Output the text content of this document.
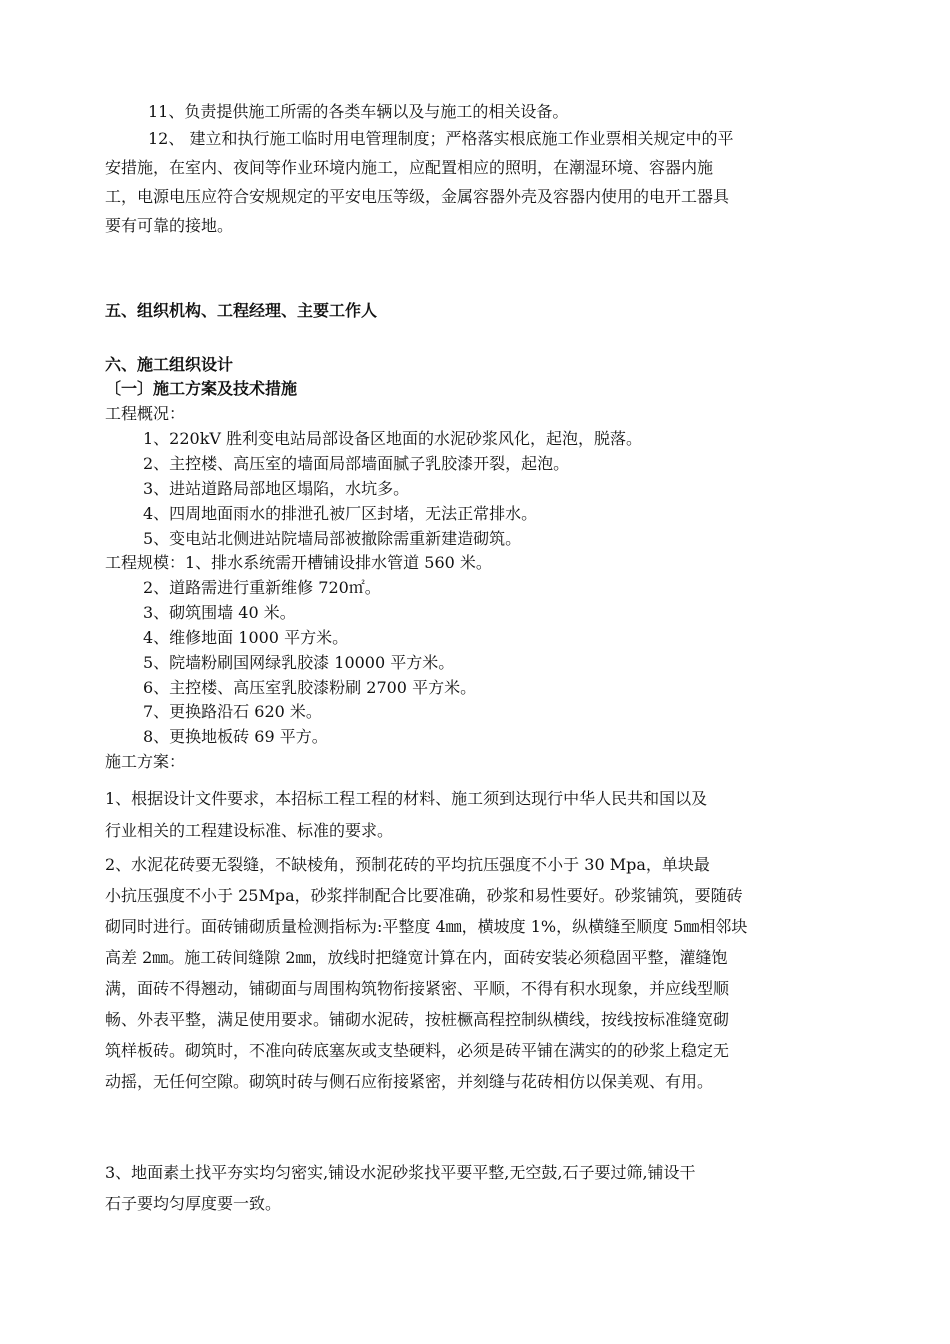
11、负责提供施工所需的各类车辆以及与施工的相关设备。

12、 建立和执行施工临时用电管理制度；严格落实根底施工作业票相关规定中的平

安措施，在室内、夜间等作业环境内施工，应配置相应的照明，在潮湿环境、容器内施

工，电源电压应符合安规规定的平安电压等级，金属容器外壳及容器内使用的电开工器具

要有可靠的接地。

五、组织机构、工程经理、主要工作人
六、施工组织设计
〔一〕施工方案及技术措施
工程概况：
1、220kV 胜利变电站局部设备区地面的水泥砂浆风化，起泡，脱落。
2、主控楼、高压室的墙面局部墙面腻子乳胶漆开裂，起泡。
3、进站道路局部地区塌陷，水坑多。
4、四周地面雨水的排泄孔被厂区封堵，无法正常排水。
5、变电站北侧进站院墙局部被撤除需重新建造砌筑。
工程规模：1、排水系统需开槽铺设排水管道 560 米。
2、道路需进行重新维修 720㎡。
3、砌筑围墙 40 米。
4、维修地面 1000 平方米。
5、院墙粉刷国网绿乳胶漆 10000 平方米。
6、主控楼、高压室乳胶漆粉刷 2700 平方米。
7、更换路沿石 620 米。
8、更换地板砖 69 平方。
施工方案：

1、根据设计文件要求，本招标工程工程的材料、施工须到达现行中华人民共和国以及

行业相关的工程建设标准、标准的要求。

2、水泥花砖要无裂缝，不缺棱角，预制花砖的平均抗压强度不小于 30 Mpa，单块最

小抗压强度不小于 25Mpa，砂浆拌制配合比要准确，砂浆和易性要好。砂浆铺筑，要随砖

砌同时进行。面砖铺砌质量检测指标为:平整度 4㎜，横坡度 1%，纵横缝至顺度 5㎜相邻块

高差 2㎜。施工砖间缝隙 2㎜，放线时把缝宽计算在内，面砖安装必须稳固平整，灌缝饱

满，面砖不得翘动，铺砌面与周围构筑物衔接紧密、平顺，不得有积水现象，并应线型顺

畅、外表平整，满足使用要求。铺砌水泥砖，按桩橛高程控制纵横线，按线按标准缝宽砌

筑样板砖。砌筑时，不准向砖底塞灰或支垫硬料，必须是砖平铺在满实的的砂浆上稳定无

动摇，无任何空隙。砌筑时砖与侧石应衔接紧密，并刻缝与花砖相仿以保美观、有用。

3、地面素土找平夯实均匀密实,铺设水泥砂浆找平要平整,无空鼓,石子要过筛,铺设干

石子要均匀厚度要一致。
